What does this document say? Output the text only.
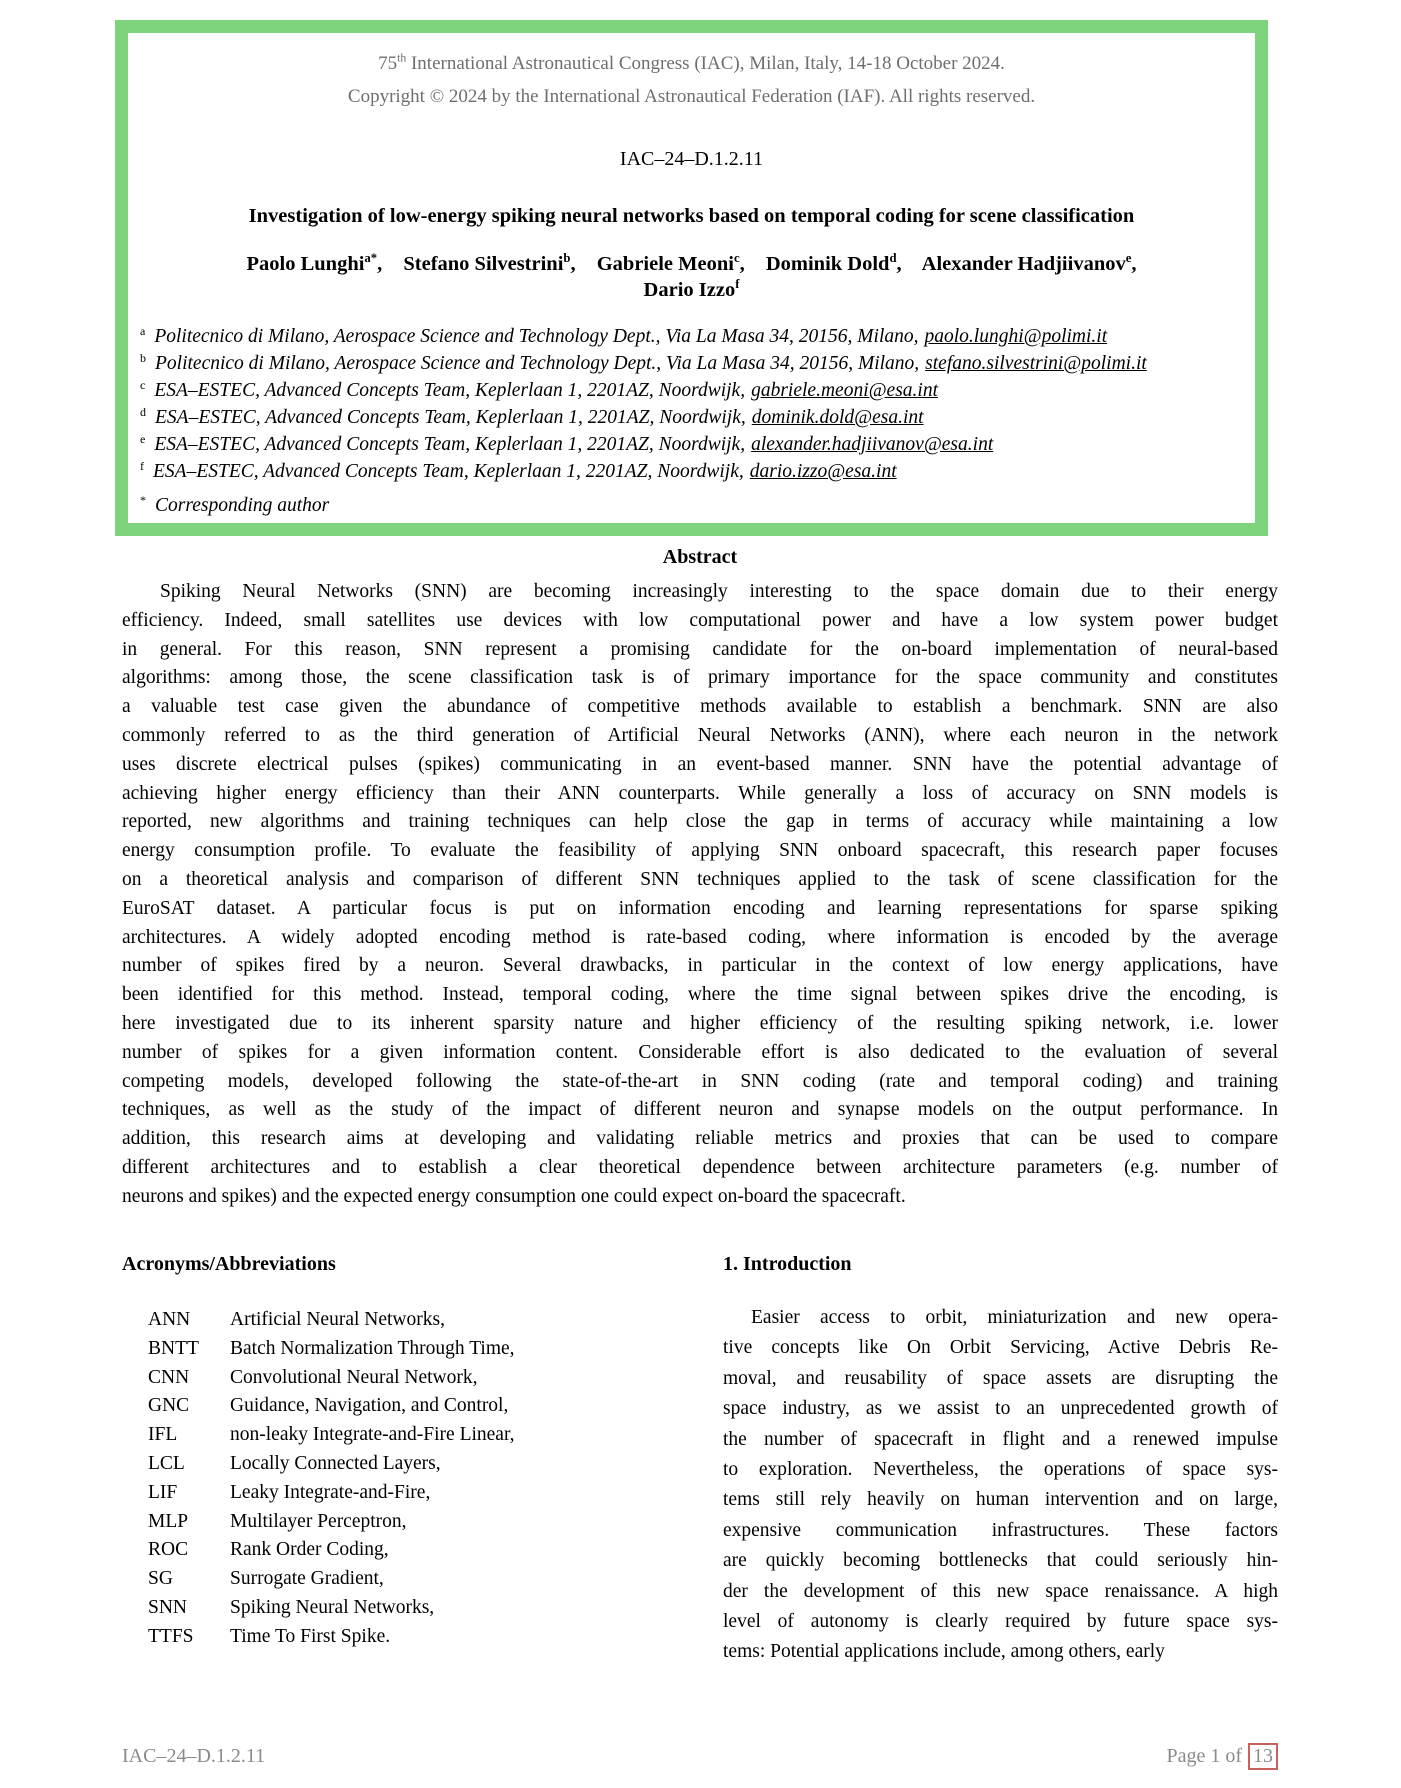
75th International Astronautical Congress (IAC), Milan, Italy, 14-18 October 2024.
Copyright © 2024 by the International Astronautical Federation (IAF). All rights reserved.
IAC–24–D.1.2.11
Investigation of low-energy spiking neural networks based on temporal coding for scene classification
Paolo Lunghi$^{a*}$, Stefano Silvestrini$^b$, Gabriele Meoni$^c$, Dominik Dold$^d$, Alexander Hadjiivanov$^e$,
Dario Izzo$^f$
$^a$ Politecnico di Milano, Aerospace Science and Technology Dept., Via La Masa 34, 20156, Milano, paolo.lunghi@polimi.it
$^b$ Politecnico di Milano, Aerospace Science and Technology Dept., Via La Masa 34, 20156, Milano, stefano.silvestrini@polimi.it
$^c$ ESA–ESTEC, Advanced Concepts Team, Keplerlaan 1, 2201AZ, Noordwijk, gabriele.meoni@esa.int
$^d$ ESA–ESTEC, Advanced Concepts Team, Keplerlaan 1, 2201AZ, Noordwijk, dominik.dold@esa.int
$^e$ ESA–ESTEC, Advanced Concepts Team, Keplerlaan 1, 2201AZ, Noordwijk, alexander.hadjiivanov@esa.int
$^f$ ESA–ESTEC, Advanced Concepts Team, Keplerlaan 1, 2201AZ, Noordwijk, dario.izzo@esa.int
* Corresponding author
Abstract
Spiking Neural Networks (SNN) are becoming increasingly interesting to the space domain due to their energy
efficiency. Indeed, small satellites use devices with low computational power and have a low system power budget
in general. For this reason, SNN represent a promising candidate for the on-board implementation of neural-based
algorithms: among those, the scene classification task is of primary importance for the space community and constitutes
a valuable test case given the abundance of competitive methods available to establish a benchmark. SNN are also
commonly referred to as the third generation of Artificial Neural Networks (ANN), where each neuron in the network
uses discrete electrical pulses (spikes) communicating in an event-based manner. SNN have the potential advantage of
achieving higher energy efficiency than their ANN counterparts. While generally a loss of accuracy on SNN models is
reported, new algorithms and training techniques can help close the gap in terms of accuracy while maintaining a low
energy consumption profile. To evaluate the feasibility of applying SNN onboard spacecraft, this research paper focuses
on a theoretical analysis and comparison of different SNN techniques applied to the task of scene classification for the
EuroSAT dataset. A particular focus is put on information encoding and learning representations for sparse spiking
architectures. A widely adopted encoding method is rate-based coding, where information is encoded by the average
number of spikes fired by a neuron. Several drawbacks, in particular in the context of low energy applications, have
been identified for this method. Instead, temporal coding, where the time signal between spikes drive the encoding, is
here investigated due to its inherent sparsity nature and higher efficiency of the resulting spiking network, i.e. lower
number of spikes for a given information content. Considerable effort is also dedicated to the evaluation of several
competing models, developed following the state-of-the-art in SNN coding (rate and temporal coding) and training
techniques, as well as the study of the impact of different neuron and synapse models on the output performance. In
addition, this research aims at developing and validating reliable metrics and proxies that can be used to compare
different architectures and to establish a clear theoretical dependence between architecture parameters (e.g. number of
neurons and spikes) and the expected energy consumption one could expect on-board the spacecraft.
Acronyms/Abbreviations
ANN	Artificial Neural Networks,
BNTT	Batch Normalization Through Time,
CNN	Convolutional Neural Network,
GNC	Guidance, Navigation, and Control,
IFL	non-leaky Integrate-and-Fire Linear,
LCL	Locally Connected Layers,
LIF	Leaky Integrate-and-Fire,
MLP	Multilayer Perceptron,
ROC	Rank Order Coding,
SG	Surrogate Gradient,
SNN	Spiking Neural Networks,
TTFS	Time To First Spike.
1. Introduction
Easier access to orbit, miniaturization and new opera-
tive concepts like On Orbit Servicing, Active Debris Re-
moval, and reusability of space assets are disrupting the
space industry, as we assist to an unprecedented growth of
the number of spacecraft in flight and a renewed impulse
to exploration. Nevertheless, the operations of space sys-
tems still rely heavily on human intervention and on large,
expensive communication infrastructures. These factors
are quickly becoming bottlenecks that could seriously hin-
der the development of this new space renaissance. A high
level of autonomy is clearly required by future space sys-
tems: Potential applications include, among others, early
IAC–24–D.1.2.11	Page 1 of 13
